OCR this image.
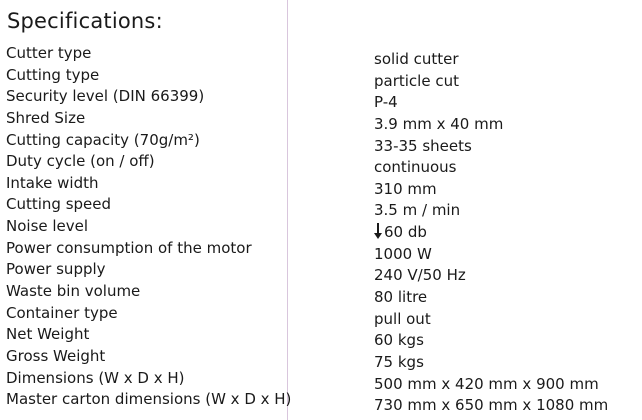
Specifications:
Cutter type	solid cutter
Cutting type	particle cut
Security level (DIN 66399)	P-4
Shred Size	3.9 mm x 40 mm
Cutting capacity (70g/m²)	33-35 sheets
Duty cycle (on / off)	continuous
Intake width	310 mm
Cutting speed	3.5 m / min
Noise level	60 db
Power consumption of the motor	1000 W
Power supply	240 V/50 Hz
Waste bin volume	80 litre
Container type	pull out
Net Weight	60 kgs
Gross Weight	75 kgs
Dimensions (W x D x H)	500 mm x 420 mm x 900 mm
Master carton dimensions (W x D x H)	730 mm x 650 mm x 1080 mm
